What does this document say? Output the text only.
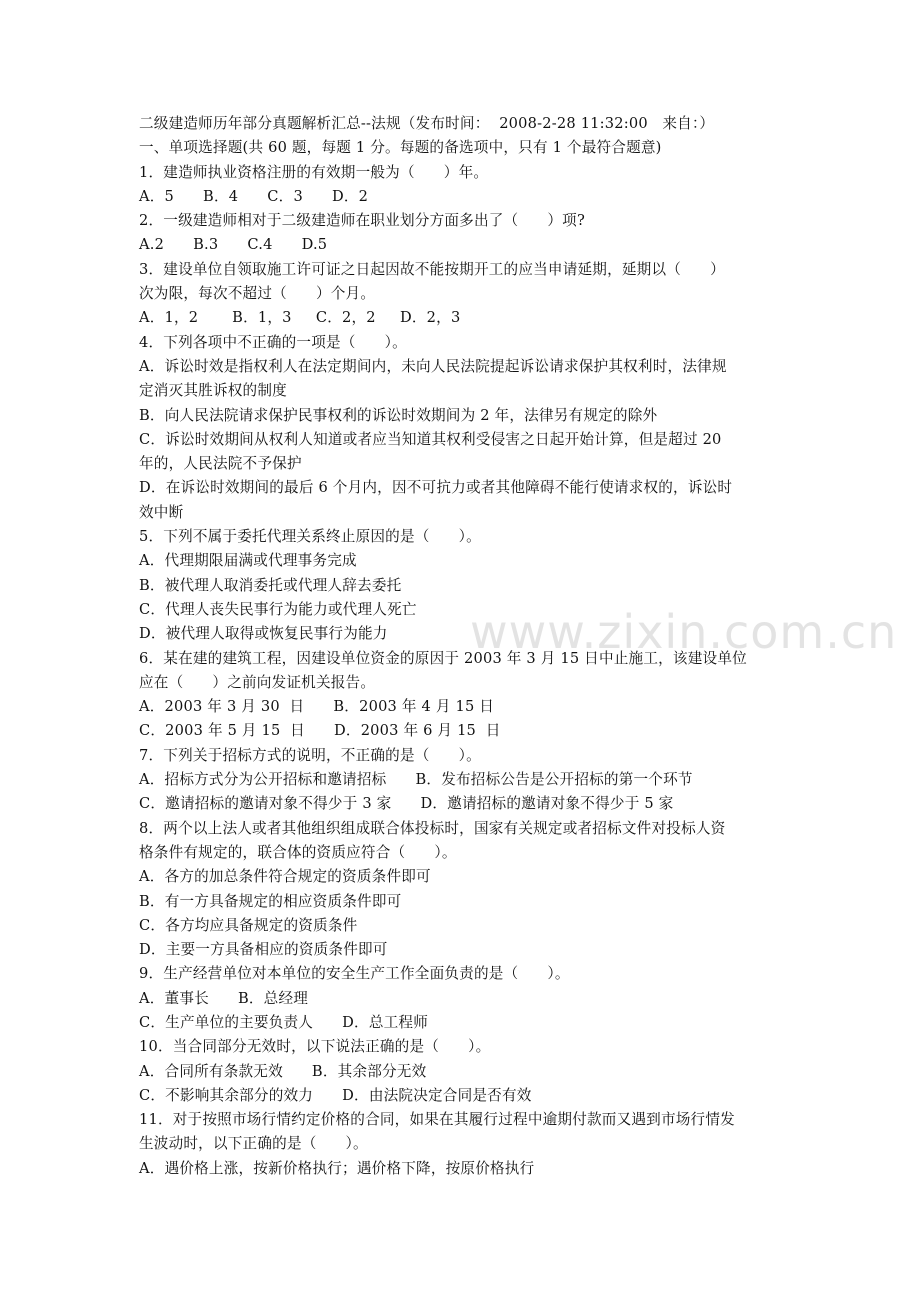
www.zixin.com.cn
二级建造师历年部分真题解析汇总--法规（发布时间：  2008-2-28 11:32:00   来自：）
一、单项选择题(共 60 题，每题 1 分。每题的备选项中，只有 1 个最符合题意)
1．建造师执业资格注册的有效期一般为（      ）年。
A．5      B．4      C．3      D．2
2．一级建造师相对于二级建造师在职业划分方面多出了（      ）项?
A.2      B.3      C.4      D.5
3．建设单位自领取施工许可证之日起因故不能按期开工的应当申请延期，延期以（      ）
次为限，每次不超过（      ）个月。
A．1，2       B．1，3     C．2，2     D．2，3
4．下列各项中不正确的一项是（      ）。
A．诉讼时效是指权利人在法定期间内，未向人民法院提起诉讼请求保护其权利时，法律规
定消灭其胜诉权的制度
B．向人民法院请求保护民事权利的诉讼时效期间为 2 年，法律另有规定的除外
C．诉讼时效期间从权利人知道或者应当知道其权利受侵害之日起开始计算，但是超过 20
年的，人民法院不予保护
D．在诉讼时效期间的最后 6 个月内，因不可抗力或者其他障碍不能行使请求权的，诉讼时
效中断
5．下列不属于委托代理关系终止原因的是（      ）。
A．代理期限届满或代理事务完成
B．被代理人取消委托或代理人辞去委托
C．代理人丧失民事行为能力或代理人死亡
D．被代理人取得或恢复民事行为能力
6．某在建的建筑工程，因建设单位资金的原因于 2003 年 3 月 15 日中止施工，该建设单位
应在（      ）之前向发证机关报告。
A．2003 年 3 月 30  日      B．2003 年 4 月 15 日
C．2003 年 5 月 15  日      D．2003 年 6 月 15  日
7．下列关于招标方式的说明，不正确的是（      ）。
A．招标方式分为公开招标和邀请招标      B．发布招标公告是公开招标的第一个环节
C．邀请招标的邀请对象不得少于 3 家      D．邀请招标的邀请对象不得少于 5 家
8．两个以上法人或者其他组织组成联合体投标时，国家有关规定或者招标文件对投标人资
格条件有规定的，联合体的资质应符合（      ）。
A．各方的加总条件符合规定的资质条件即可
B．有一方具备规定的相应资质条件即可
C．各方均应具备规定的资质条件
D．主要一方具备相应的资质条件即可
9．生产经营单位对本单位的安全生产工作全面负责的是（      ）。
A．董事长      B．总经理
C．生产单位的主要负责人      D．总工程师
10．当合同部分无效时，以下说法正确的是（      ）。
A．合同所有条款无效      B．其余部分无效
C．不影响其余部分的效力      D．由法院决定合同是否有效
11．对于按照市场行情约定价格的合同，如果在其履行过程中逾期付款而又遇到市场行情发
生波动时，以下正确的是（      ）。
A．遇价格上涨，按新价格执行；遇价格下降，按原价格执行
